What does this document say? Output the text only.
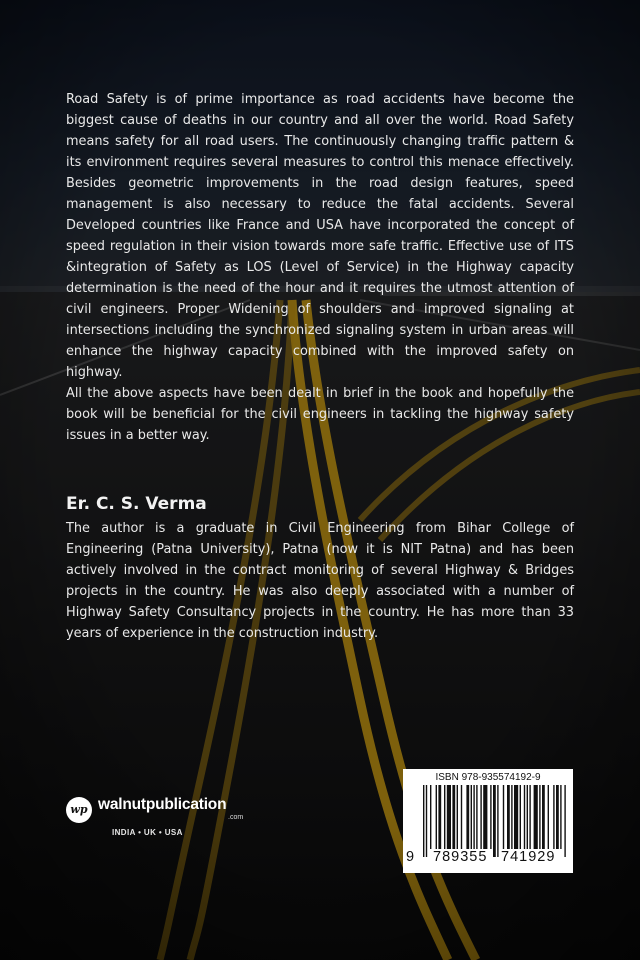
Road Safety is of prime importance as road accidents have become the biggest cause of deaths in our country and all over the world. Road Safety means safety for all road users. The continuously changing traffic pattern & its environment requires several measures to control this menace effectively. Besides geometric improvements in the road design features, speed management is also necessary to reduce the fatal accidents. Several Developed countries like France and USA have incorporated the concept of speed regulation in their vision towards more safe traffic. Effective use of ITS &integration of Safety as LOS (Level of Service) in the Highway capacity determination is the need of the hour and it requires the utmost attention of civil engineers. Proper Widening of shoulders and improved signaling at intersections including the synchronized signaling system in urban areas will enhance the highway capacity combined with the improved safety on highway.

All the above aspects have been dealt in brief in the book and hopefully the book will be beneficial for the civil engineers in tackling the highway safety issues in a better way.

Er. C. S. Verma

The author is a graduate in Civil Engineering from Bihar College of Engineering (Patna University), Patna (now it is NIT Patna) and has been actively involved in the contract monitoring of several Highway & Bridges projects in the country. He was also deeply associated with a number of Highway Safety Consultancy projects in the country. He has more than 33 years of experience in the construction industry.

wp walnutpublication
.com
INDIA • UK • USA
ISBN 978-935574192-9
9 789355 741929
